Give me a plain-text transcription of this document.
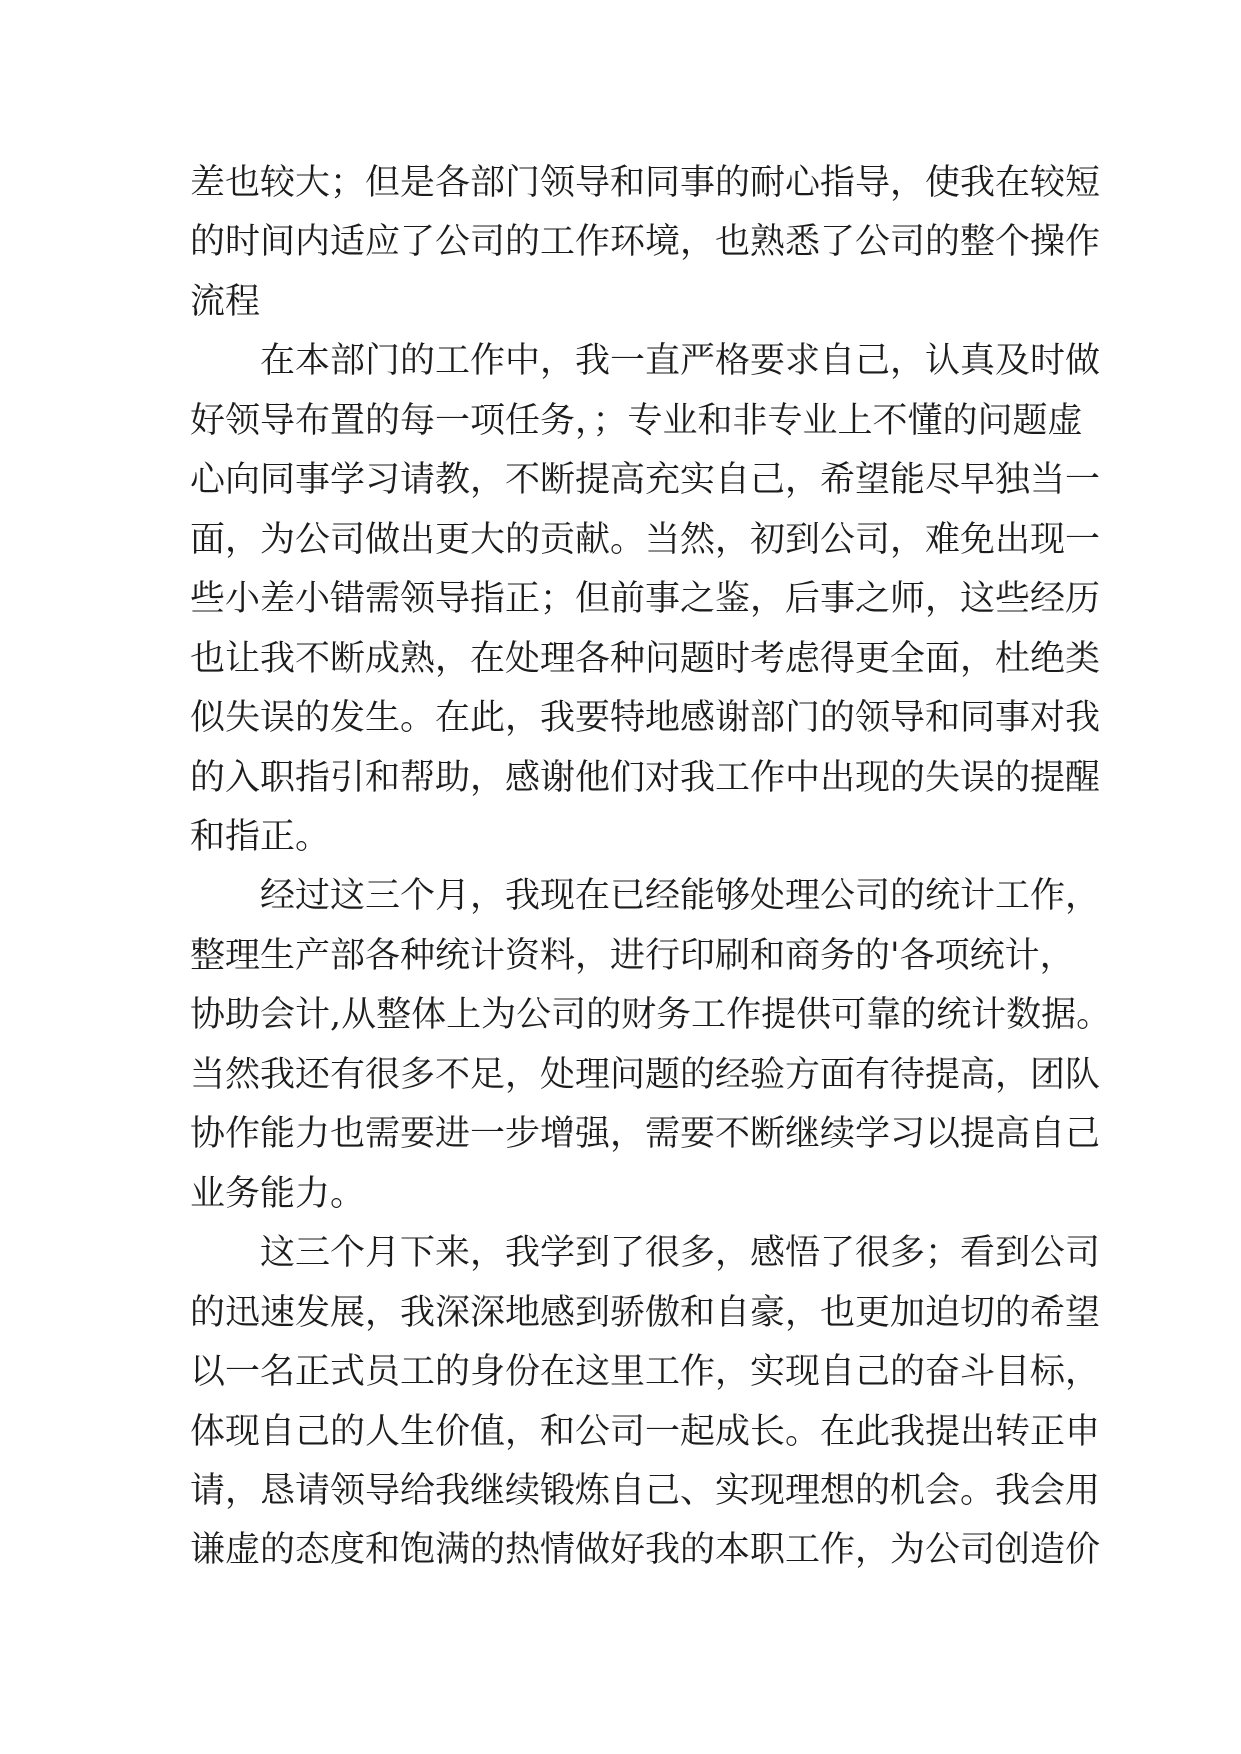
差也较大；但是各部门领导和同事的耐心指导，使我在较短
的时间内适应了公司的工作环境，也熟悉了公司的整个操作
流程
在本部门的工作中，我一直严格要求自己，认真及时做
好领导布置的每一项任务，；专业和非专业上不懂的问题虚
心向同事学习请教，不断提高充实自己，希望能尽早独当一
面，为公司做出更大的贡献。当然，初到公司，难免出现一
些小差小错需领导指正；但前事之鉴，后事之师，这些经历
也让我不断成熟，在处理各种问题时考虑得更全面，杜绝类
似失误的发生。在此，我要特地感谢部门的领导和同事对我
的入职指引和帮助，感谢他们对我工作中出现的失误的提醒
和指正。
经过这三个月，我现在已经能够处理公司的统计工作，
整理生产部各种统计资料，进行印刷和商务的'各项统计，
协助会计,从整体上为公司的财务工作提供可靠的统计数据。
当然我还有很多不足，处理问题的经验方面有待提高，团队
协作能力也需要进一步增强，需要不断继续学习以提高自己
业务能力。
这三个月下来，我学到了很多，感悟了很多；看到公司
的迅速发展，我深深地感到骄傲和自豪，也更加迫切的希望
以一名正式员工的身份在这里工作，实现自己的奋斗目标，
体现自己的人生价值，和公司一起成长。在此我提出转正申
请，恳请领导给我继续锻炼自己、实现理想的机会。我会用
谦虚的态度和饱满的热情做好我的本职工作，为公司创造价
